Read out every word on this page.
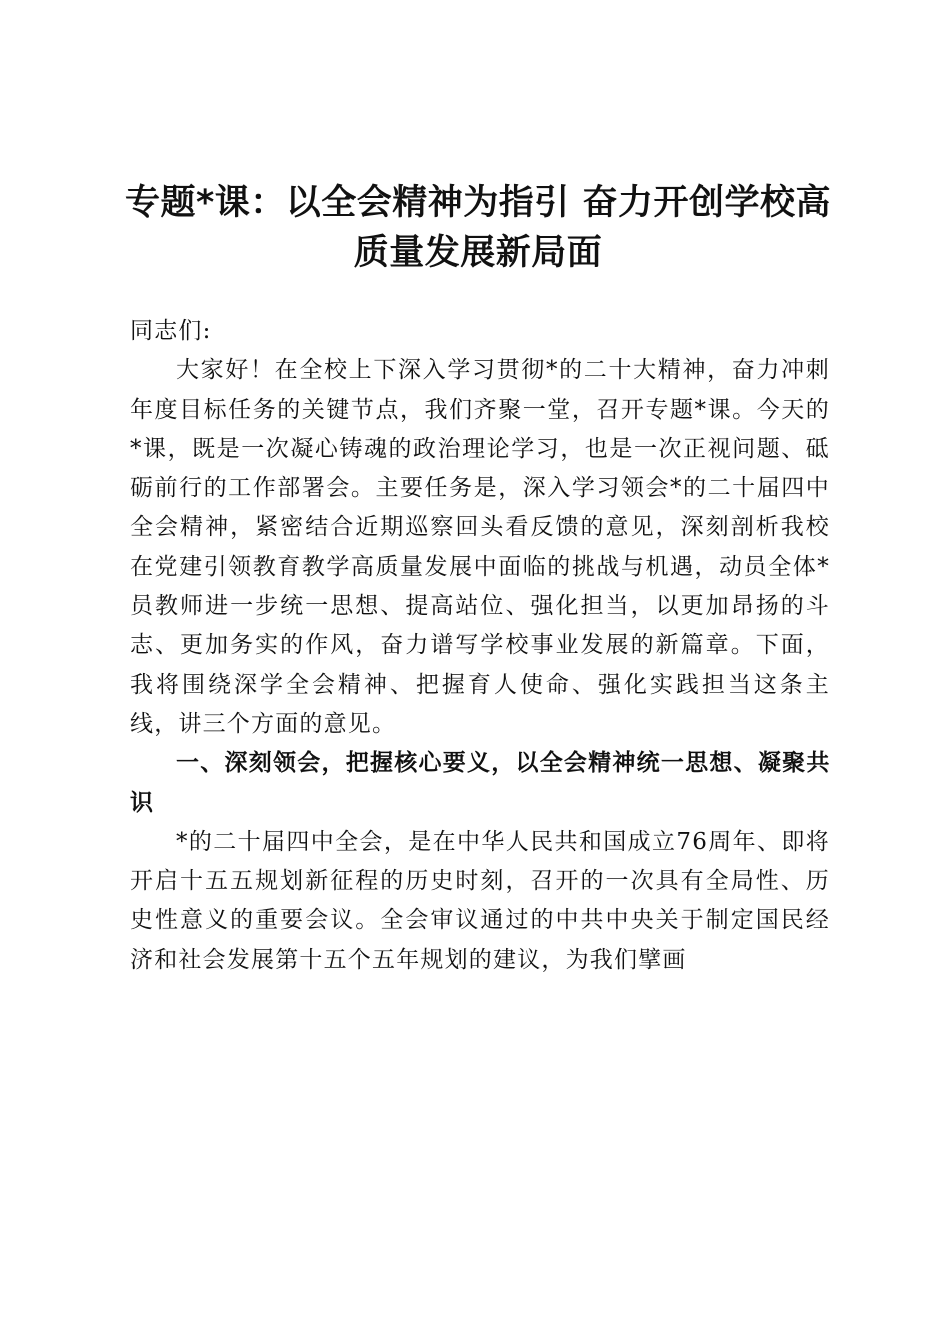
专题*课：以全会精神为指引 奋力开创学校高
质量发展新局面

同志们:

大家好！在全校上下深入学习贯彻*的二十大精神，奋力冲刺年度目标任务的关键节点，我们齐聚一堂，召开专题*课。今天的*课，既是一次凝心铸魂的政治理论学习，也是一次正视问题、砥砺前行的工作部署会。主要任务是，深入学习领会*的二十届四中全会精神，紧密结合近期巡察回头看反馈的意见，深刻剖析我校在党建引领教育教学高质量发展中面临的挑战与机遇，动员全体*员教师进一步统一思想、提高站位、强化担当，以更加昂扬的斗志、更加务实的作风，奋力谱写学校事业发展的新篇章。下面，我将围绕深学全会精神、把握育人使命、强化实践担当这条主线，讲三个方面的意见。

一、深刻领会，把握核心要义，以全会精神统一思想、凝聚共识

*的二十届四中全会，是在中华人民共和国成立76周年、即将开启十五五规划新征程的历史时刻，召开的一次具有全局性、历史性意义的重要会议。全会审议通过的中共中央关于制定国民经济和社会发展第十五个五年规划的建议，为我们擘画
